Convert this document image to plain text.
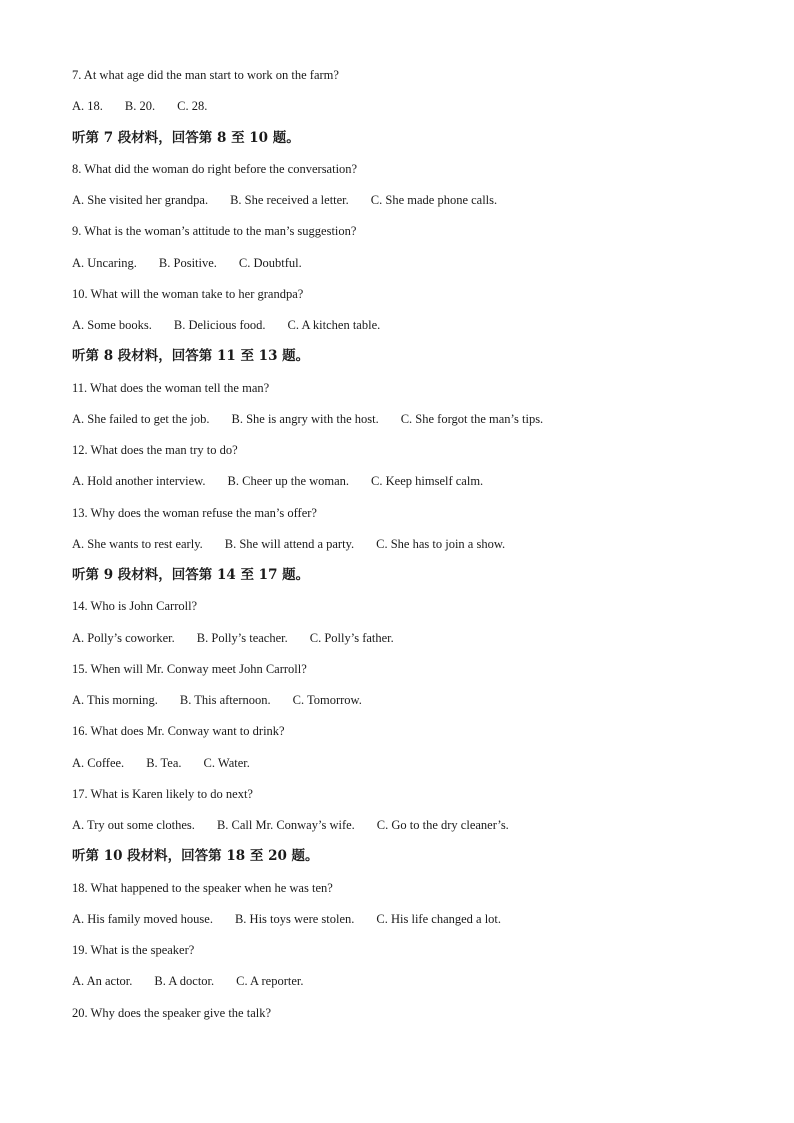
7. At what age did the man start to work on the farm?
A. 18. B. 20. C. 28.
听第 7 段材料，回答第 8 至 10 题。
8. What did the woman do right before the conversation?
A. She visited her grandpa. B. She received a letter. C. She made phone calls.
9. What is the woman’s attitude to the man’s suggestion?
A. Uncaring. B. Positive. C. Doubtful.
10. What will the woman take to her grandpa?
A. Some books. B. Delicious food. C. A kitchen table.
听第 8 段材料，回答第 11 至 13 题。
11. What does the woman tell the man?
A. She failed to get the job. B. She is angry with the host. C. She forgot the man’s tips.
12. What does the man try to do?
A. Hold another interview. B. Cheer up the woman. C. Keep himself calm.
13. Why does the woman refuse the man’s offer?
A. She wants to rest early. B. She will attend a party. C. She has to join a show.
听第 9 段材料，回答第 14 至 17 题。
14. Who is John Carroll?
A. Polly’s coworker. B. Polly’s teacher. C. Polly’s father.
15. When will Mr. Conway meet John Carroll?
A. This morning. B. This afternoon. C. Tomorrow.
16. What does Mr. Conway want to drink?
A. Coffee. B. Tea. C. Water.
17. What is Karen likely to do next?
A. Try out some clothes. B. Call Mr. Conway’s wife. C. Go to the dry cleaner’s.
听第 10 段材料，回答第 18 至 20 题。
18. What happened to the speaker when he was ten?
A. His family moved house. B. His toys were stolen. C. His life changed a lot.
19. What is the speaker?
A. An actor. B. A doctor. C. A reporter.
20. Why does the speaker give the talk?
